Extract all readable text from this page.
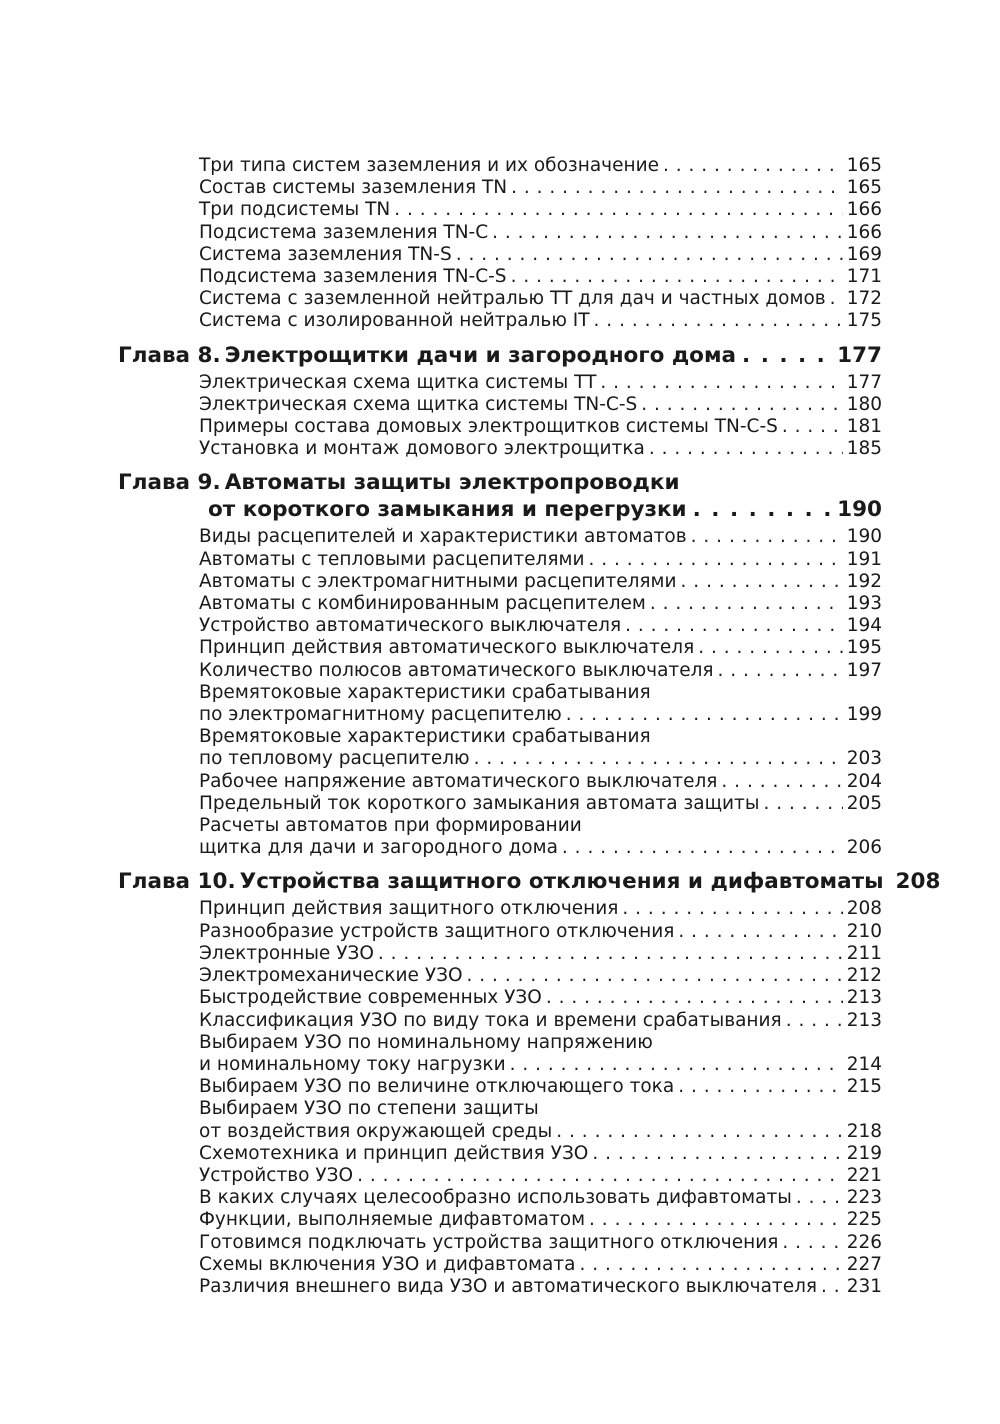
Три типа систем заземления и их обозначение . . .	165
Состав системы заземления TN . . .	165
Три подсистемы TN . . .	166
Подсистема заземления TN-C . . .	166
Система заземления TN-S . . .	169
Подсистема заземления TN-C-S . . .	171
Система с заземленной нейтралью TT для дач и частных домов . . . 172
Система с изолированной нейтралью IT . . .	175
Глава 8. Электрощитки дачи и загородного дома . . .	177
Электрическая схема щитка системы TT . . .	177
Электрическая схема щитка системы TN-C-S . . .	180
Примеры состава домовых электрощитков системы TN-C-S . . .	181
Установка и монтаж домового электрощитка . . .	185
Глава 9. Автоматы защиты электропроводки
от короткого замыкания и перегрузки . . .	190
Виды расцепителей и характеристики автоматов . . .	190
Автоматы с тепловыми расцепителями . . .	191
Автоматы с электромагнитными расцепителями . . .	192
Автоматы с комбинированным расцепителем . . .	193
Устройство автоматического выключателя . . .	194
Принцип действия автоматического выключателя . . .	195
Количество полюсов автоматического выключателя . . .	197
Времятоковые характеристики срабатывания
по электромагнитному расцепителю . . .	199
Времятоковые характеристики срабатывания
по тепловому расцепителю . . .	203
Рабочее напряжение автоматического выключателя . . .	204
Предельный ток короткого замыкания автомата защиты . . .	205
Расчеты автоматов при формировании
щитка для дачи и загородного дома . . .	206
Глава 10. Устройства защитного отключения и дифавтоматы 208
Принцип действия защитного отключения . . .	208
Разнообразие устройств защитного отключения . . .	210
Электронные УЗО . . .	211
Электромеханические УЗО . . .	212
Быстродействие современных УЗО . . .	213
Классификация УЗО по виду тока и времени срабатывания . . .	213
Выбираем УЗО по номинальному напряжению
и номинальному току нагрузки . . .	214
Выбираем УЗО по величине отключающего тока . . .	215
Выбираем УЗО по степени защиты
от воздействия окружающей среды . . .	218
Схемотехника и принцип действия УЗО . . .	219
Устройство УЗО . . .	221
В каких случаях целесообразно использовать дифавтоматы . . .	223
Функции, выполняемые дифавтоматом . . .	225
Готовимся подключать устройства защитного отключения . . .	226
Схемы включения УЗО и дифавтомата . . .	227
Различия внешнего вида УЗО и автоматического выключателя . . . 231
